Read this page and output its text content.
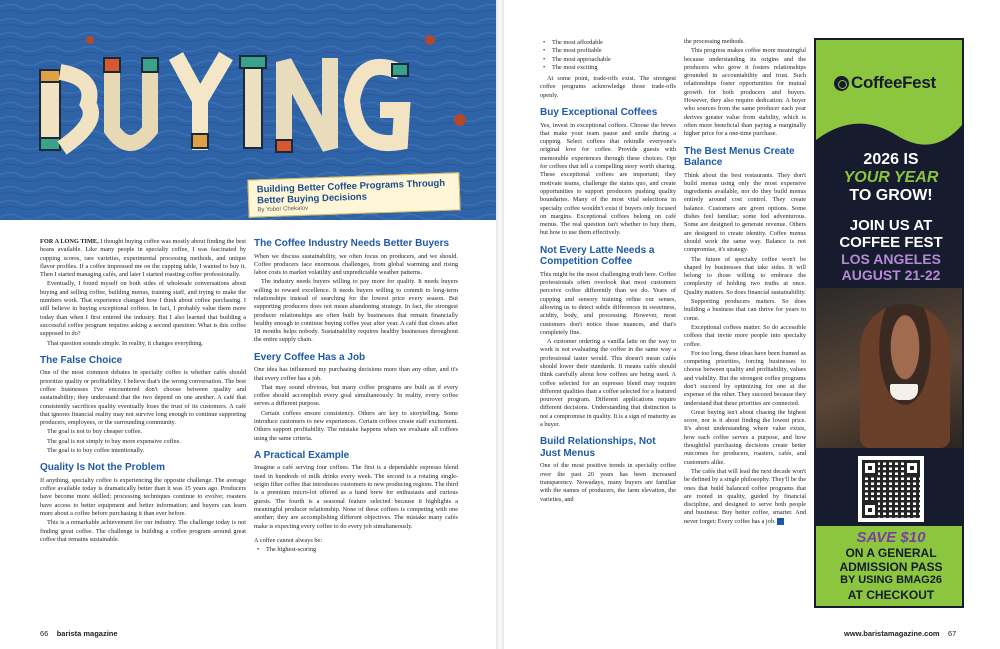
Building Better Coffee Programs Through Better Buying Decisions
By Yober Chekalov

FOR A LONG TIME, I thought buying coffee was mostly about finding the best beans available. Like many people in specialty coffee, I was fascinated by cupping scores, rare varieties, experimental processing methods, and unique flavor profiles. If a coffee impressed me on the cupping table, I wanted to buy it. Then I started managing cafés, and later I started roasting coffee professionally.

Eventually, I found myself on both sides of wholesale conversations about buying and selling coffee, building menus, training staff, and trying to make the numbers work. That experience changed how I think about coffee purchasing. I still believe in buying exceptional coffees. In fact, I probably value them more today than when I first entered the industry. But I also learned that building a successful coffee program requires asking a second question: What is this coffee supposed to do?

That question sounds simple. In reality, it changes everything.

The False Choice

One of the most common debates in specialty coffee is whether cafés should prioritize quality or profitability. I believe that's the wrong conversation. The best coffee businesses I've encountered don't choose between quality and sustainability; they understand that the two depend on one another. A café that consistently sacrifices quality eventually loses the trust of its customers. A café that ignores financial reality may not survive long enough to continue supporting producers, employees, or the surrounding community.

The goal is not to buy cheaper coffee.

The goal is not simply to buy more expensive coffee.

The goal is to buy coffee intentionally.

Quality Is Not the Problem

If anything, specialty coffee is experiencing the opposite challenge. The average coffee available today is dramatically better than it was 15 years ago. Producers have become more skilled; processing techniques continue to evolve; roasters have access to better equipment and better information; and buyers can learn more about a coffee before purchasing it than ever before.

This is a remarkable achievement for our industry. The challenge today is not finding great coffee. The challenge is building a coffee program around great coffee that remains sustainable.

The Coffee Industry Needs Better Buyers

When we discuss sustainability, we often focus on producers, and we should. Coffee producers face enormous challenges, from global warming and rising labor costs to market volatility and unpredictable weather patterns.

The industry needs buyers willing to pay more for quality. It needs buyers willing to reward excellence. It needs buyers willing to commit to long-term relationships instead of searching for the lowest price every season. But supporting producers does not mean abandoning strategy. In fact, the strongest producer relationships are often built by businesses that remain financially healthy enough to continue buying coffee year after year. A café that closes after 18 months helps nobody. Sustainability requires healthy businesses throughout the entire supply chain.

Every Coffee Has a Job

One idea has influenced my purchasing decisions more than any other, and it's that every coffee has a job.

That may sound obvious, but many coffee programs are built as if every coffee should accomplish every goal simultaneously. In reality, every coffee serves a different purpose.

Certain coffees ensure consistency. Others are key to storytelling. Some introduce customers to new experiences. Certain coffees create staff excitement. Others support profitability. The mistake happens when we evaluate all coffees using the same criteria.

A Practical Example

Imagine a café serving four coffees. The first is a dependable espresso blend used in hundreds of milk drinks every week. The second is a rotating single-origin filter coffee that introduces customers to new producing regions. The third is a premium micro-lot offered as a hand brew for enthusiasts and curious guests. The fourth is a seasonal feature selected because it highlights a meaningful producer relationship. None of these coffees is competing with one another; they are accomplishing different objectives. The mistake many cafés make is expecting every coffee to do every job simultaneously.

A coffee cannot always be:

• The highest-scoring
66 barista magazine
• The most affordable
• The most profitable
• The most approachable
• The most exciting

At some point, trade-offs exist. The strongest coffee programs acknowledge those trade-offs openly.

Buy Exceptional Coffees

Yes, invest in exceptional coffees. Choose the brews that make your team pause and smile during a cupping. Select coffees that rekindle everyone's original love for coffee. Provide guests with memorable experiences through these choices. Opt for coffees that tell a compelling story worth sharing. These exceptional coffees are important; they motivate teams, challenge the status quo, and create opportunities to support producers pushing quality boundaries. Many of the most vital selections in specialty coffee wouldn't exist if buyers only focused on margins. Exceptional coffees belong on café menus. The real question isn't whether to buy them, but how to use them effectively.

Not Every Latte Needs a Competition Coffee

This might be the most challenging truth here. Coffee professionals often overlook that most customers perceive coffee differently than we do. Years of cupping and sensory training refine our senses, allowing us to detect subtle differences in sweetness, acidity, body, and processing. However, most customers don't notice these nuances, and that's completely fine.

A customer ordering a vanilla latte on the way to work is not evaluating the coffee in the same way a professional taster would. This doesn't mean cafés should lower their standards. It means cafés should think carefully about how coffees are being used. A coffee selected for an espresso blend may require different qualities than a coffee selected for a featured pourover program. Different applications require different decisions. Understanding that distinction is not a compromise in quality. It is a sign of maturity as a buyer.

Build Relationships, Not Just Menus

One of the most positive trends in specialty coffee over the past 20 years has been increased transparency. Nowadays, many buyers are familiar with the names of producers, the farm elevation, the varieties, and

the processing methods.

This progress makes coffee more meaningful because understanding its origins and the producers who grow it fosters relationships grounded in accountability and trust. Such relationships foster opportunities for mutual growth for both producers and buyers. However, they also require dedication. A buyer who sources from the same producer each year derives greater value from stability, which is often more beneficial than paying a marginally higher price for a one-time purchase.

The Best Menus Create Balance

Think about the best restaurants. They don't build menus using only the most expensive ingredients available, nor do they build menus entirely around cost control. They create balance. Customers are given options. Some dishes feel familiar; some feel adventurous. Some are designed to generate revenue. Others are designed to create identity. Coffee menus should work the same way. Balance is not compromise, it's strategy.

The future of specialty coffee won't be shaped by businesses that take sides. It will belong to those willing to embrace the complexity of holding two truths at once. Quality matters. So does financial sustainability.

Supporting producers matters. So does building a business that can thrive for years to come.

Exceptional coffees matter. So do accessible coffees that invite more people into specialty coffee.

For too long, these ideas have been framed as competing priorities, forcing businesses to choose between quality and profitability, values and viability. But the strongest coffee programs don't succeed by optimizing for one at the expense of the other. They succeed because they understand that these priorities are connected.

Great buying isn't about chasing the highest score, nor is it about finding the lowest price. It's about understanding where value exists, how each coffee serves a purpose, and how thoughtful purchasing decisions create better outcomes for producers, roasters, cafés, and customers alike.

The cafés that will lead the next decade won't be defined by a single philosophy. They'll be the ones that build balanced coffee programs that are rooted in quality, guided by financial discipline, and designed to serve both people and business: Buy better coffee, smarter. And never forget: Every coffee has a job. L

CoffeeFest
2026 IS
YOUR YEAR
TO GROW!
JOIN US AT
COFFEE FEST
LOS ANGELES
AUGUST 21-22
SAVE $10
ON A GENERAL
ADMISSION PASS
BY USING BMAG26
AT CHECKOUT
www.baristamagazine.com 67
